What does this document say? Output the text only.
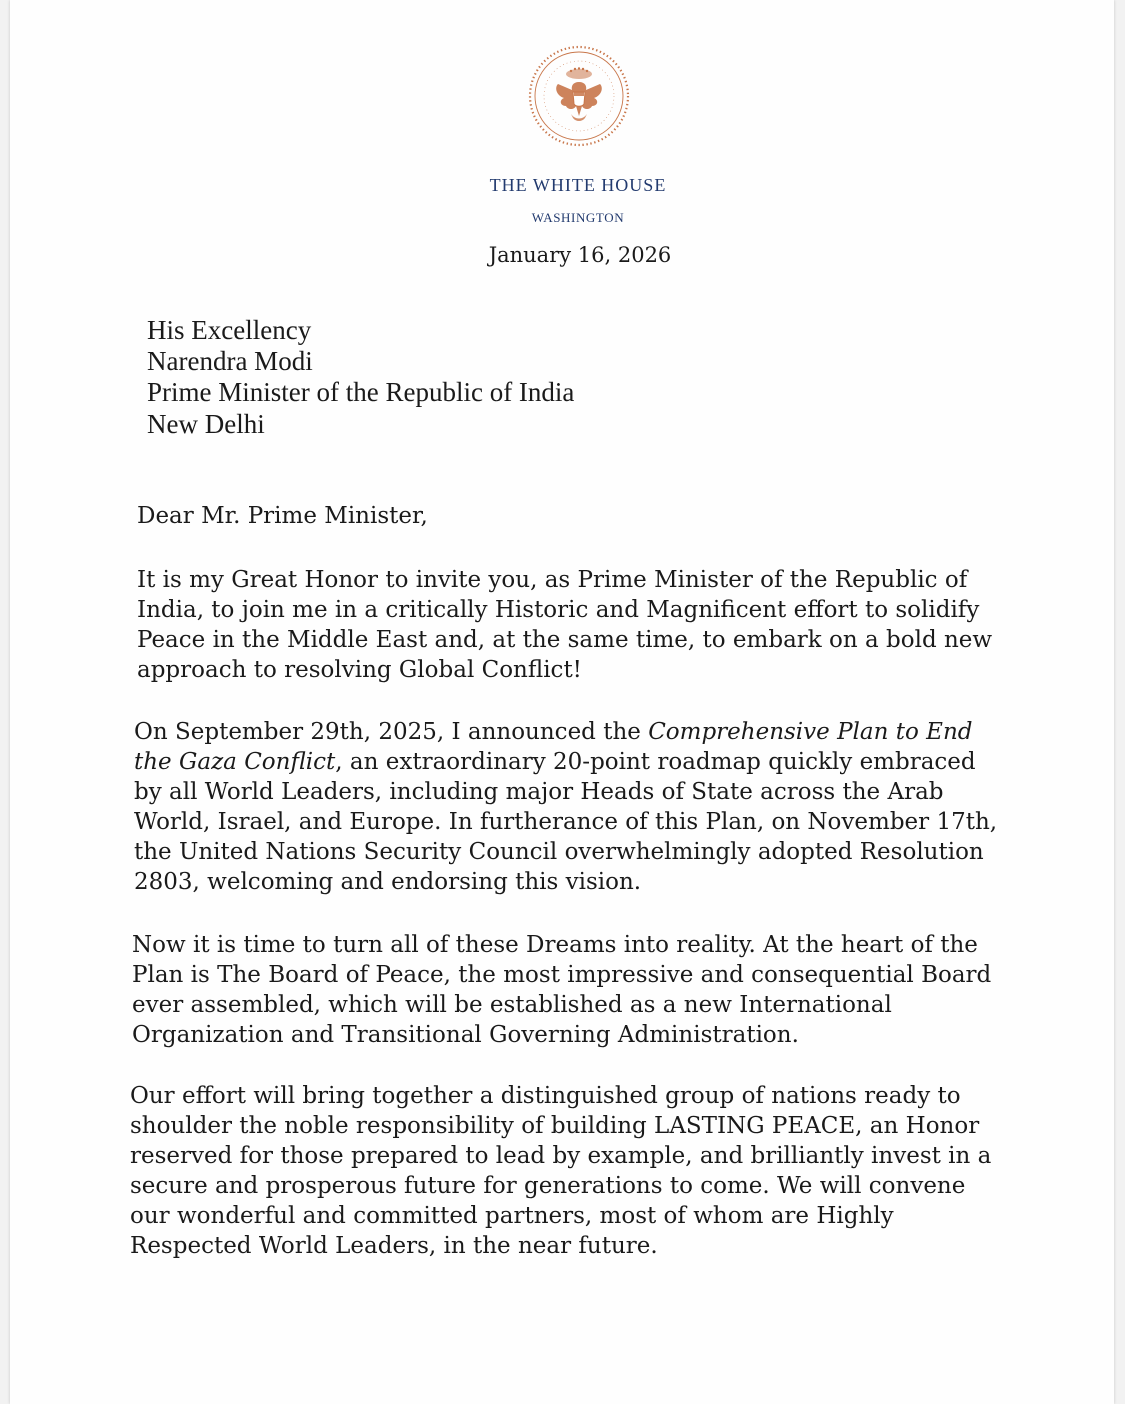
THE WHITE HOUSE
WASHINGTON
January 16, 2026
His Excellency
Narendra Modi
Prime Minister of the Republic of India
New Delhi
Dear Mr. Prime Minister,
It is my Great Honor to invite you, as Prime Minister of the Republic of
India, to join me in a critically Historic and Magnificent effort to solidify
Peace in the Middle East and, at the same time, to embark on a bold new
approach to resolving Global Conflict!
On September 29th, 2025, I announced the Comprehensive Plan to End
the Gaza Conflict, an extraordinary 20-point roadmap quickly embraced
by all World Leaders, including major Heads of State across the Arab
World, Israel, and Europe. In furtherance of this Plan, on November 17th,
the United Nations Security Council overwhelmingly adopted Resolution
2803, welcoming and endorsing this vision.
Now it is time to turn all of these Dreams into reality. At the heart of the
Plan is The Board of Peace, the most impressive and consequential Board
ever assembled, which will be established as a new International
Organization and Transitional Governing Administration.
Our effort will bring together a distinguished group of nations ready to
shoulder the noble responsibility of building LASTING PEACE, an Honor
reserved for those prepared to lead by example, and brilliantly invest in a
secure and prosperous future for generations to come. We will convene
our wonderful and committed partners, most of whom are Highly
Respected World Leaders, in the near future.
